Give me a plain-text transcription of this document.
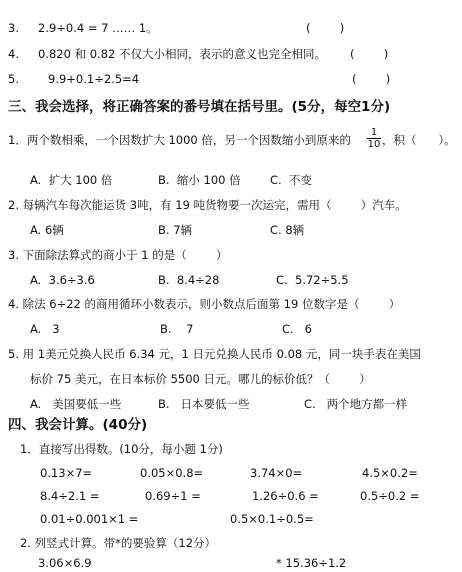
3. 2.9÷0.4 = 7 …… 1。	(        )
4. 0.820 和 0.82 不仅大小相同，表示的意义也完全相同。 (        )
5.	9.9+0.1÷2.5=4	(        )
三、我会选择，将正确答案的番号填在括号里。(5分，每空1分)
1．两个数相乘，一个因数扩大 1000 倍，另一个因数缩小到原来的 $\frac{1}{10}$ ，积（      ）。
A.  扩大 100 倍	B.  缩小 100 倍	C.  不变
2. 每辆汽车每次能运货 3吨，有 19 吨货物要一次运完，需用（        ）汽车。
A. 6辆	B. 7辆	C. 8辆
3. 下面除法算式的商小于 1 的是（        ）
A.  3.6÷3.6	B.  8.4÷28	C.  5.72÷5.5
4. 除法 6÷22 的商用循环小数表示，则小数点后面第 19 位数字是（        ）
A.   3	B.    7	C.   6
5. 用 1美元兑换人民币 6.34 元，1 日元兑换人民币 0.08 元，同一块手表在美国
标价 75 美元，在日本标价 5500 日元。哪儿的标价低？（        ）
A.   美国要低一些	B.   日本要低一些	C.   两个地方都一样
四、我会计算。(40分)
1．直接写出得数。(10分，每小题 1分)
0.13×7=	0.05×0.8=	3.74×0=	4.5×0.2=
8.4÷2.1 =	0.69÷1 =	1.26÷0.6 =	0.5÷0.2 =
0.01÷0.001×1 =	0.5×0.1÷0.5=
2. 列竖式计算。带*的要验算（12分）
3.06×6.9	* 15.36÷1.2
